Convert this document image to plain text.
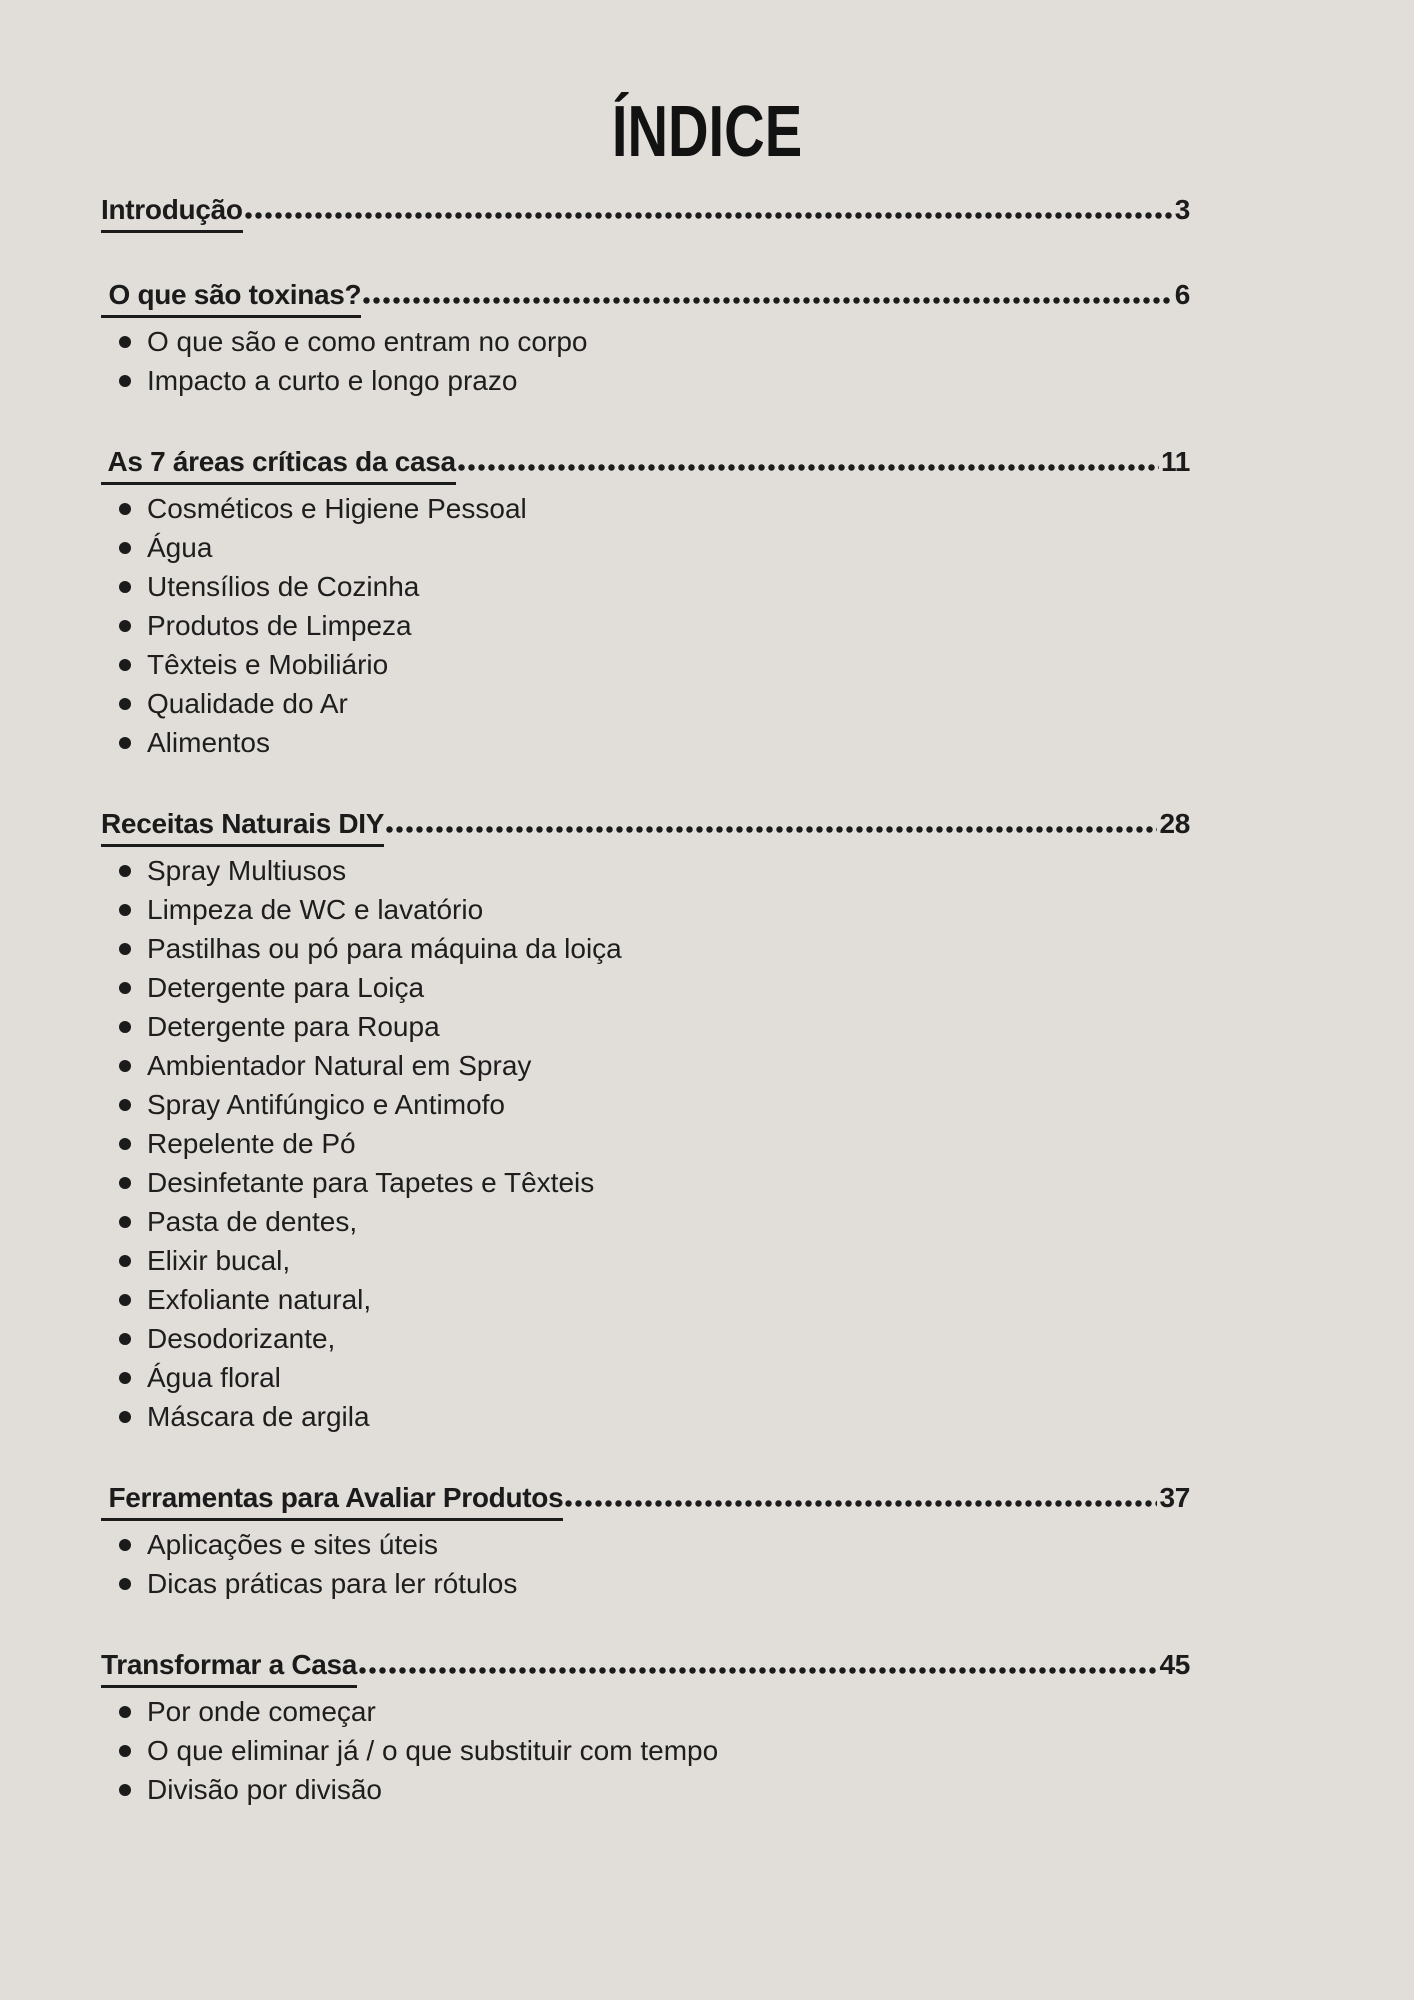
ÍNDICE
Introdução	3
O que são toxinas?	6
O que são e como entram no corpo
Impacto a curto e longo prazo
As 7 áreas críticas da casa	11
Cosméticos e Higiene Pessoal
Água
Utensílios de Cozinha
Produtos de Limpeza
Têxteis e Mobiliário
Qualidade do Ar
Alimentos
Receitas Naturais DIY	28
Spray Multiusos
Limpeza de WC e lavatório
Pastilhas ou pó para máquina da loiça
Detergente para Loiça
Detergente para Roupa
Ambientador Natural em Spray
Spray Antifúngico e Antimofo
Repelente de Pó
Desinfetante para Tapetes e Têxteis
Pasta de dentes,
Elixir bucal,
Exfoliante natural,
Desodorizante,
Água floral
Máscara de argila
Ferramentas para Avaliar Produtos	37
Aplicações e sites úteis
Dicas práticas para ler rótulos
Transformar a Casa	45
Por onde começar
O que eliminar já / o que substituir com tempo
Divisão por divisão
